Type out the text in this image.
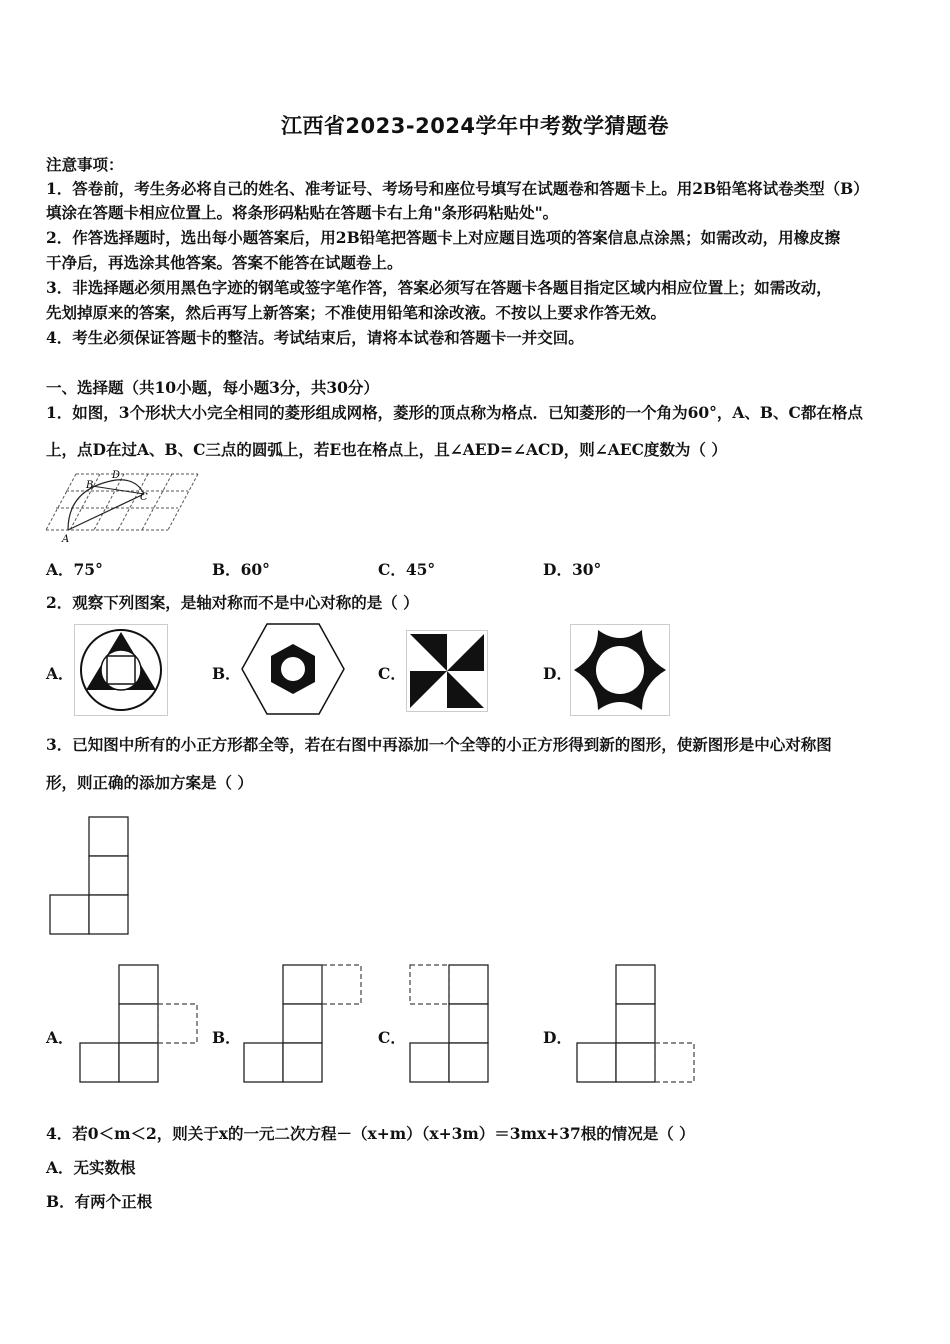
江西省2023-2024学年中考数学猜题卷
注意事项：
1．答卷前，考生务必将自己的姓名、准考证号、考场号和座位号填写在试题卷和答题卡上。用2B铅笔将试卷类型（B）
填涂在答题卡相应位置上。将条形码粘贴在答题卡右上角"条形码粘贴处"。
2．作答选择题时，选出每小题答案后，用2B铅笔把答题卡上对应题目选项的答案信息点涂黑；如需改动，用橡皮擦
干净后，再选涂其他答案。答案不能答在试题卷上。
3．非选择题必须用黑色字迹的钢笔或签字笔作答，答案必须写在答题卡各题目指定区域内相应位置上；如需改动，
先划掉原来的答案，然后再写上新答案；不准使用铅笔和涂改液。不按以上要求作答无效。
4．考生必须保证答题卡的整洁。考试结束后，请将本试卷和答题卡一并交回。
一、选择题（共10小题，每小题3分，共30分）
1．如图，3个形状大小完全相同的菱形组成网格，菱形的顶点称为格点．已知菱形的一个角为60°，A、B、C都在格点
上，点D在过A、B、C三点的圆弧上，若E也在格点上，且∠AED=∠ACD，则∠AEC度数为（ ）
A
B
C
D
A．75°	B．60°	C．45°	D．30°
2．观察下列图案，是轴对称而不是中心对称的是（ ）
A．	B．	C．	D．
3．已知图中所有的小正方形都全等，若在右图中再添加一个全等的小正方形得到新的图形，使新图形是中心对称图
形，则正确的添加方案是（ ）
A．	B．	C．	D．
4．若0＜m＜2，则关于x的一元二次方程－（x+m）（x+3m）＝3mx+37根的情况是（ ）
A．无实数根
B．有两个正根
